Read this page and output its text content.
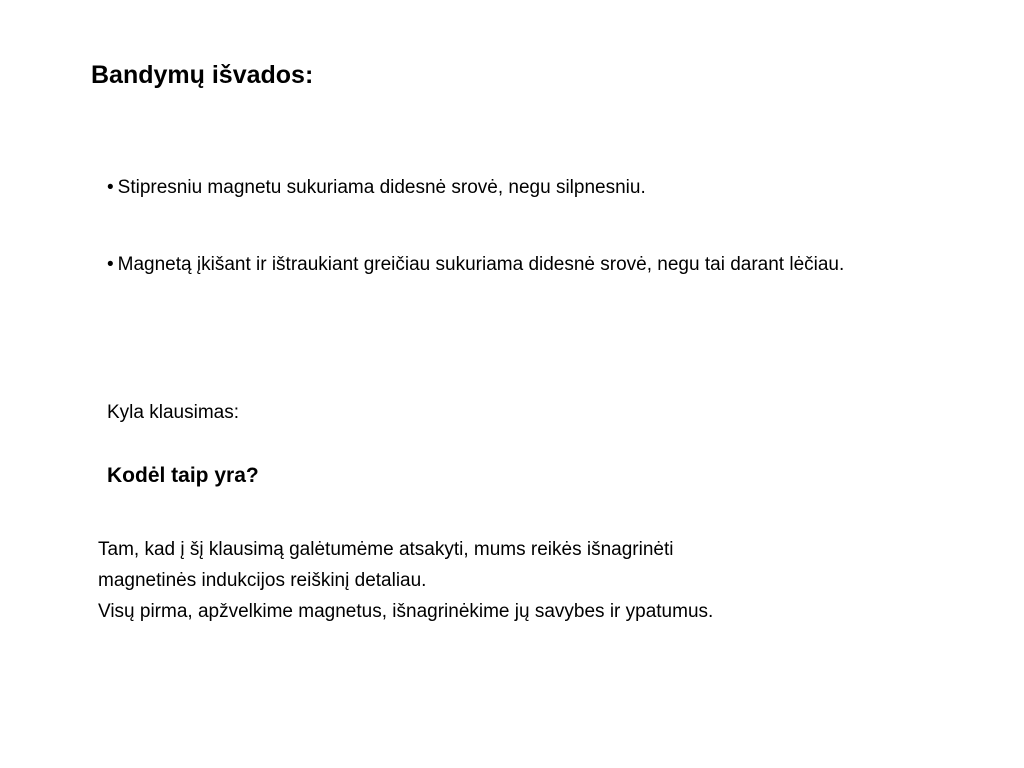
Bandymų išvados:

• Stipresniu magnetu sukuriama didesnė srovė, negu silpnesniu.

• Magnetą įkišant ir ištraukiant greičiau sukuriama didesnė srovė, negu tai darant lėčiau.

Kyla klausimas:

Kodėl taip yra?

Tam, kad į šį klausimą galėtumėme atsakyti, mums reikės išnagrinėti
magnetinės indukcijos reiškinį detaliau.
Visų pirma, apžvelkime magnetus, išnagrinėkime jų savybes ir ypatumus.
